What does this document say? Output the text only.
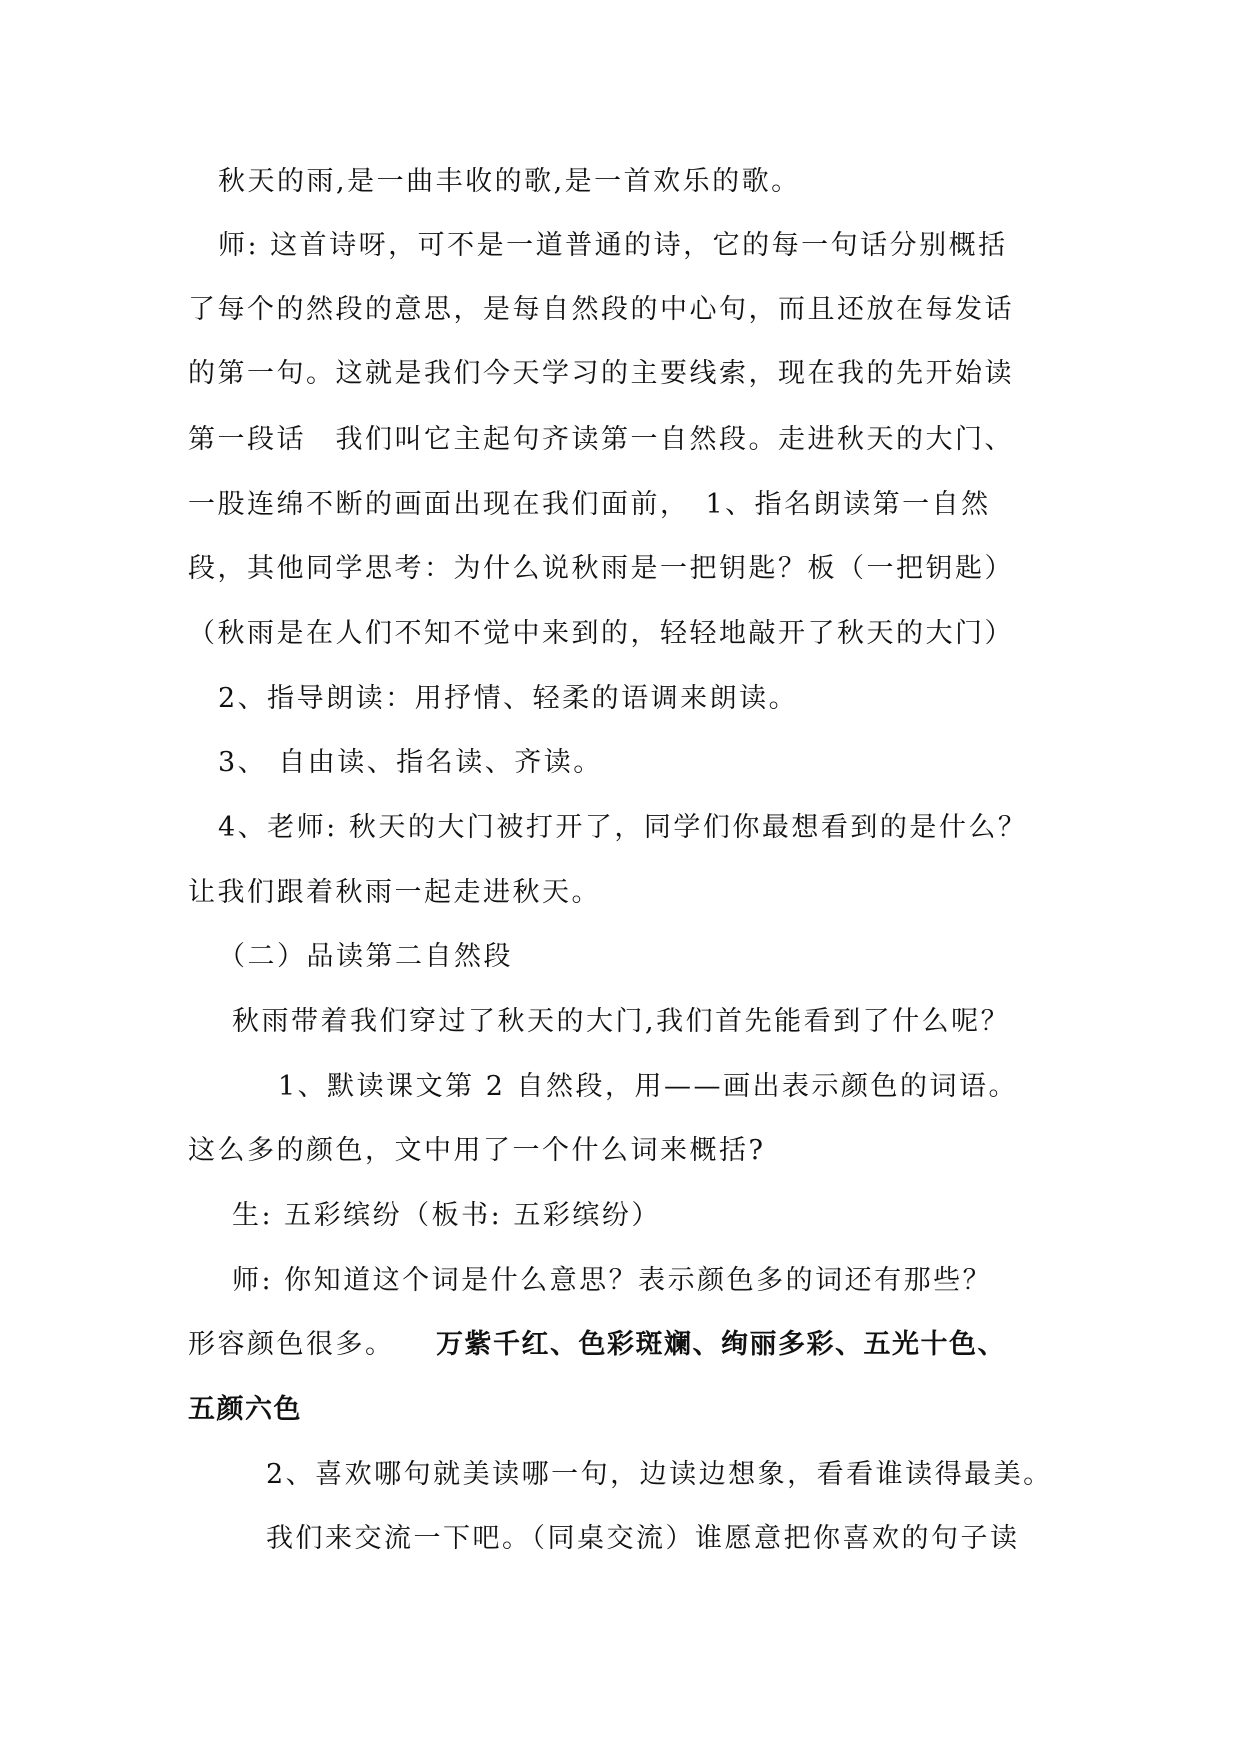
秋天的雨,是一曲丰收的歌,是一首欢乐的歌。
师: 这首诗呀，可不是一道普通的诗，它的每一句话分别概括
了每个的然段的意思，是每自然段的中心句，而且还放在每发话
的第一句。这就是我们今天学习的主要线索，现在我的先开始读
第一段话　我们叫它主起句齐读第一自然段。走进秋天的大门、
一股连绵不断的画面出现在我们面前，　1、指名朗读第一自然
段，其他同学思考：为什么说秋雨是一把钥匙？板（一把钥匙）
（秋雨是在人们不知不觉中来到的，轻轻地敲开了秋天的大门）
2、指导朗读：用抒情、轻柔的语调来朗读。
3、 自由读、指名读、齐读。
4、老师: 秋天的大门被打开了，同学们你最想看到的是什么？
让我们跟着秋雨一起走进秋天。
（二）品读第二自然段
秋雨带着我们穿过了秋天的大门,我们首先能看到了什么呢？
1、默读课文第 2 自然段，用——画出表示颜色的词语。
这么多的颜色，文中用了一个什么词来概括?
生: 五彩缤纷（板书: 五彩缤纷）
师: 你知道这个词是什么意思？表示颜色多的词还有那些？
形容颜色很多。 万紫千红、色彩斑斓、绚丽多彩、五光十色、
五颜六色
2、喜欢哪句就美读哪一句，边读边想象，看看谁读得最美。
我们来交流一下吧。（同桌交流）谁愿意把你喜欢的句子读
